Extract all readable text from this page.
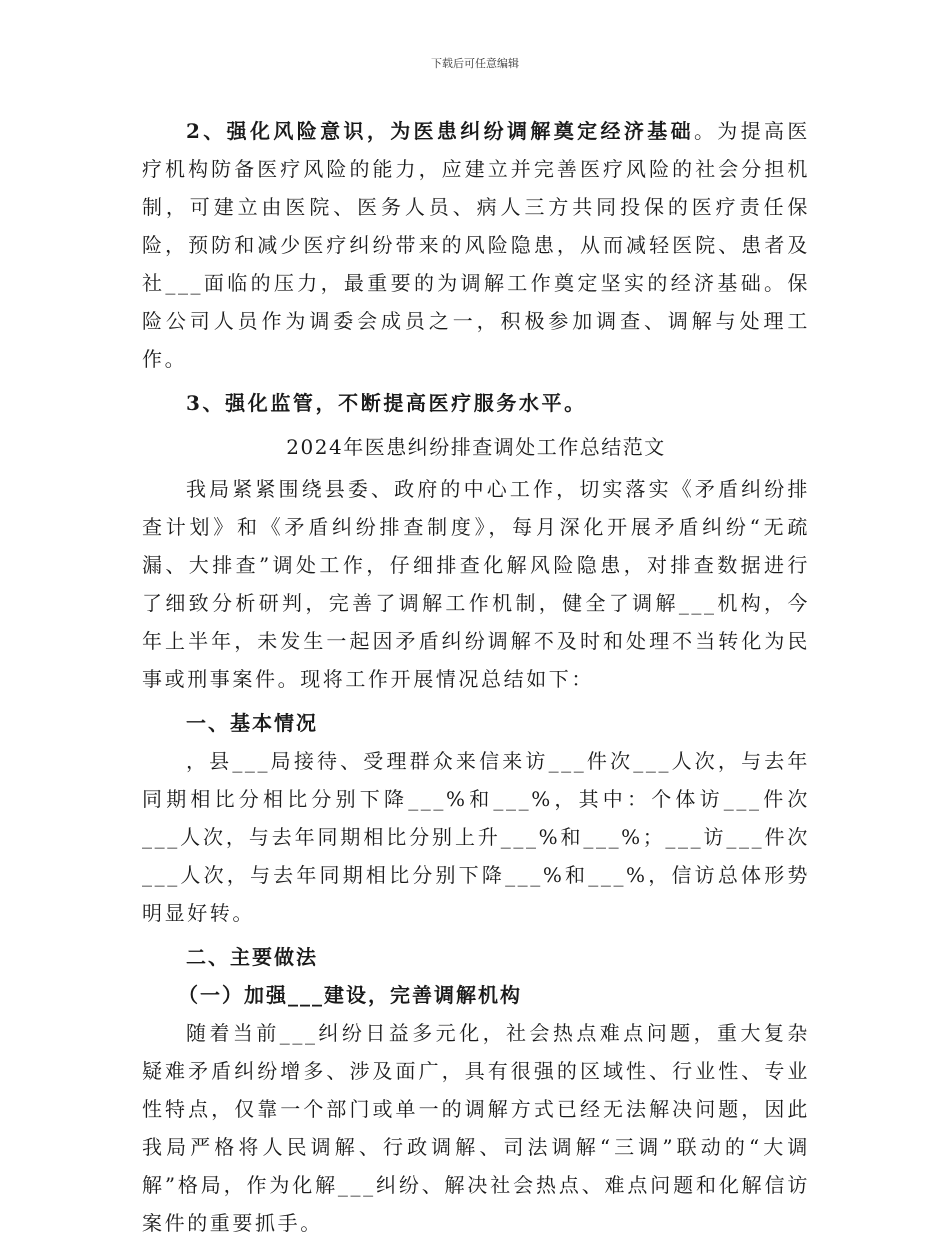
下载后可任意编辑

2、强化风险意识，为医患纠纷调解奠定经济基础。为提高医疗机构防备医疗风险的能力，应建立并完善医疗风险的社会分担机制，可建立由医院、医务人员、病人三方共同投保的医疗责任保险，预防和减少医疗纠纷带来的风险隐患，从而减轻医院、患者及社___面临的压力，最重要的为调解工作奠定坚实的经济基础。保险公司人员作为调委会成员之一，积极参加调查、调解与处理工作。

3、强化监管，不断提高医疗服务水平。

2024年医患纠纷排查调处工作总结范文

我局紧紧围绕县委、政府的中心工作，切实落实《矛盾纠纷排查计划》和《矛盾纠纷排查制度》，每月深化开展矛盾纠纷“无疏漏、大排查”调处工作，仔细排查化解风险隐患，对排查数据进行了细致分析研判，完善了调解工作机制，健全了调解___机构，今年上半年，未发生一起因矛盾纠纷调解不及时和处理不当转化为民事或刑事案件。现将工作开展情况总结如下：

一、基本情况

，县___局接待、受理群众来信来访___件次___人次，与去年同期相比分相比分别下降___%和___%，其中：个体访___件次___人次，与去年同期相比分别上升___%和___%；___访___件次___人次，与去年同期相比分别下降___%和___%，信访总体形势明显好转。

二、主要做法
（一）加强___建设，完善调解机构

随着当前___纠纷日益多元化，社会热点难点问题，重大复杂疑难矛盾纠纷增多、涉及面广，具有很强的区域性、行业性、专业性特点，仅靠一个部门或单一的调解方式已经无法解决问题，因此我局严格将人民调解、行政调解、司法调解“三调”联动的“大调解”格局，作为化解___纠纷、解决社会热点、难点问题和化解信访案件的重要抓手。
